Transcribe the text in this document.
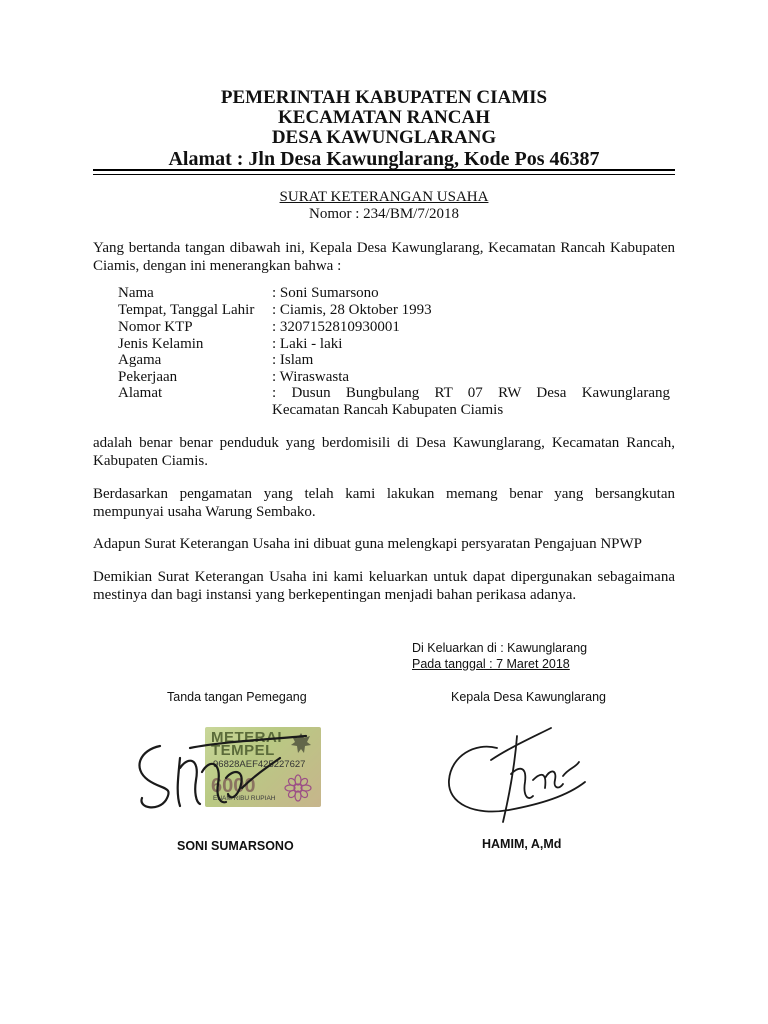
PEMERINTAH KABUPATEN CIAMIS
KECAMATAN RANCAH
DESA KAWUNGLARANG
Alamat : Jln Desa Kawunglarang, Kode Pos 46387
SURAT KETERANGAN USAHA
Nomor : 234/BM/7/2018
Yang bertanda tangan dibawah ini, Kepala Desa Kawunglarang, Kecamatan Rancah Kabupaten Ciamis, dengan ini menerangkan bahwa :
Nama	: Soni Sumarsono
Tempat, Tanggal Lahir : Ciamis, 28 Oktober 1993
Nomor KTP	: 3207152810930001
Jenis Kelamin	: Laki - laki
Agama	: Islam
Pekerjaan	: Wiraswasta
Alamat	: Dusun Bungbulang RT 07 RW Desa Kawunglarang
Kecamatan Rancah Kabupaten Ciamis
adalah benar benar penduduk yang berdomisili di Desa Kawunglarang, Kecamatan Rancah, Kabupaten Ciamis.
Berdasarkan pengamatan yang telah kami lakukan memang benar yang bersangkutan mempunyai usaha Warung Sembako.
Adapun Surat Keterangan Usaha ini dibuat guna melengkapi persyaratan Pengajuan NPWP
Demikian Surat Keterangan Usaha ini kami keluarkan untuk dapat dipergunakan sebagaimana mestinya dan bagi instansi yang berkepentingan menjadi bahan perikasa adanya.
Di Keluarkan di : Kawunglarang
Pada tanggal : 7 Maret 2018
Tanda tangan Pemegang	Kepala Desa Kawunglarang
METERAI
TEMPEL
96828AEF425227627
6000
ENAM RIBU RUPIAH
SONI SUMARSONO	HAMIM, A,Md
